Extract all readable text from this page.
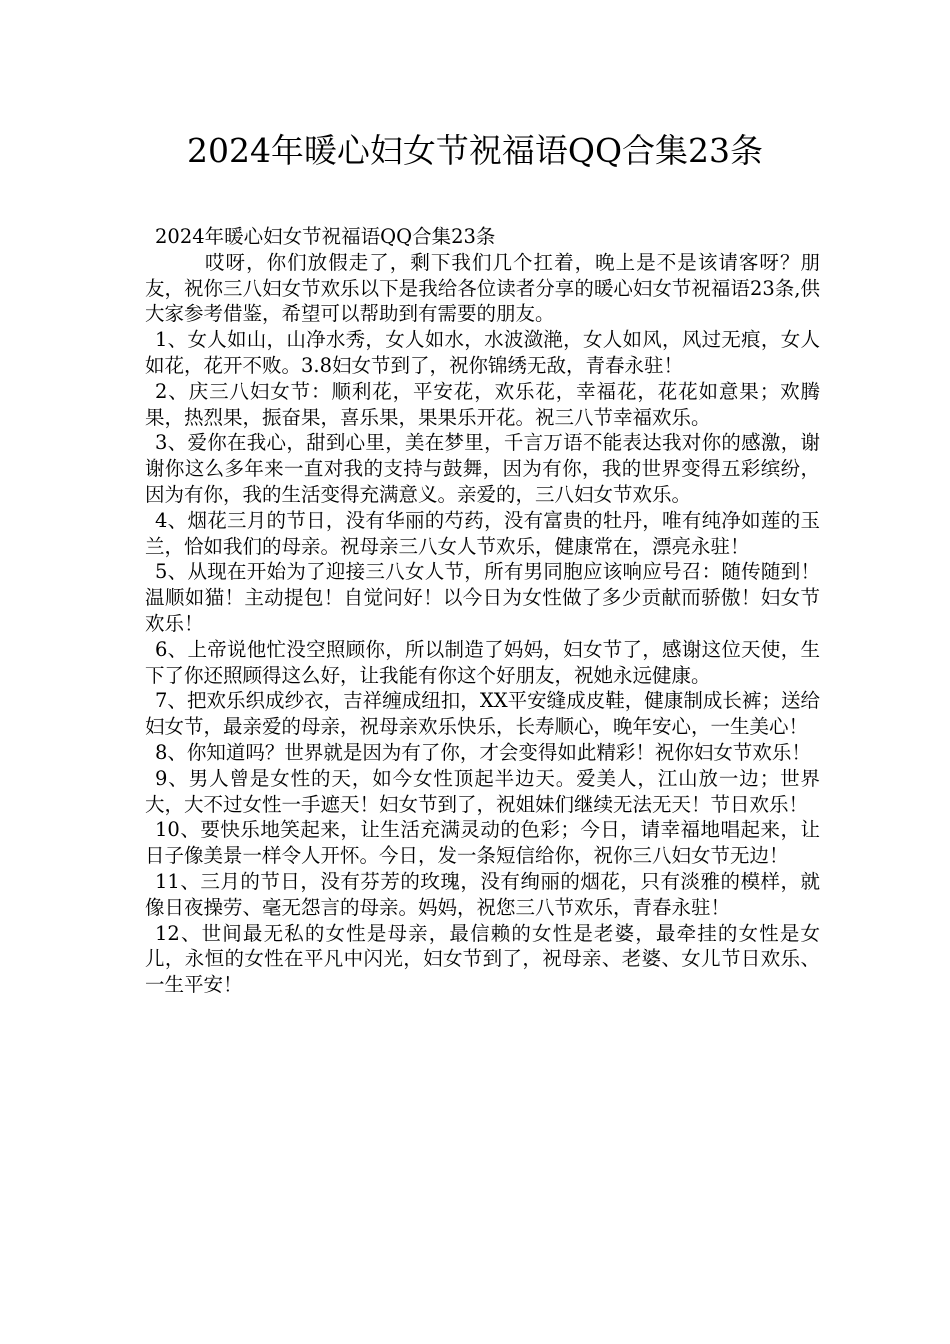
2024年暖心妇女节祝福语QQ合集23条

2024年暖心妇女节祝福语QQ合集23条

哎呀，你们放假走了，剩下我们几个扛着，晚上是不是该请客呀？朋友，祝你三八妇女节欢乐以下是我给各位读者分享的暖心妇女节祝福语23条,供大家参考借鉴，希望可以帮助到有需要的朋友。

1、女人如山，山净水秀，女人如水，水波潋滟，女人如风，风过无痕，女人如花，花开不败。3.8妇女节到了，祝你锦绣无敌，青春永驻！

2、庆三八妇女节：顺利花，平安花，欢乐花，幸福花，花花如意果；欢腾果，热烈果，振奋果，喜乐果，果果乐开花。祝三八节幸福欢乐。

3、爱你在我心，甜到心里，美在梦里，千言万语不能表达我对你的感激，谢谢你这么多年来一直对我的支持与鼓舞，因为有你，我的世界变得五彩缤纷，因为有你，我的生活变得充满意义。亲爱的，三八妇女节欢乐。

4、烟花三月的节日，没有华丽的芍药，没有富贵的牡丹，唯有纯净如莲的玉兰，恰如我们的母亲。祝母亲三八女人节欢乐，健康常在，漂亮永驻！

5、从现在开始为了迎接三八女人节，所有男同胞应该响应号召：随传随到！温顺如猫！主动提包！自觉问好！以今日为女性做了多少贡献而骄傲！妇女节欢乐！

6、上帝说他忙没空照顾你，所以制造了妈妈，妇女节了，感谢这位天使，生下了你还照顾得这么好，让我能有你这个好朋友，祝她永远健康。

7、把欢乐织成纱衣，吉祥缠成纽扣，XX平安缝成皮鞋，健康制成长裤；送给妇女节，最亲爱的母亲，祝母亲欢乐快乐，长寿顺心，晚年安心，一生美心！

8、你知道吗？世界就是因为有了你，才会变得如此精彩！祝你妇女节欢乐！

9、男人曾是女性的天，如今女性顶起半边天。爱美人，江山放一边；世界大，大不过女性一手遮天！妇女节到了，祝姐妹们继续无法无天！节日欢乐！

10、要快乐地笑起来，让生活充满灵动的色彩；今日，请幸福地唱起来，让日子像美景一样令人开怀。今日，发一条短信给你，祝你三八妇女节无边！

11、三月的节日，没有芬芳的玫瑰，没有绚丽的烟花，只有淡雅的模样，就像日夜操劳、毫无怨言的母亲。妈妈，祝您三八节欢乐，青春永驻！

12、世间最无私的女性是母亲，最信赖的女性是老婆，最牵挂的女性是女儿，永恒的女性在平凡中闪光，妇女节到了，祝母亲、老婆、女儿节日欢乐、一生平安！
